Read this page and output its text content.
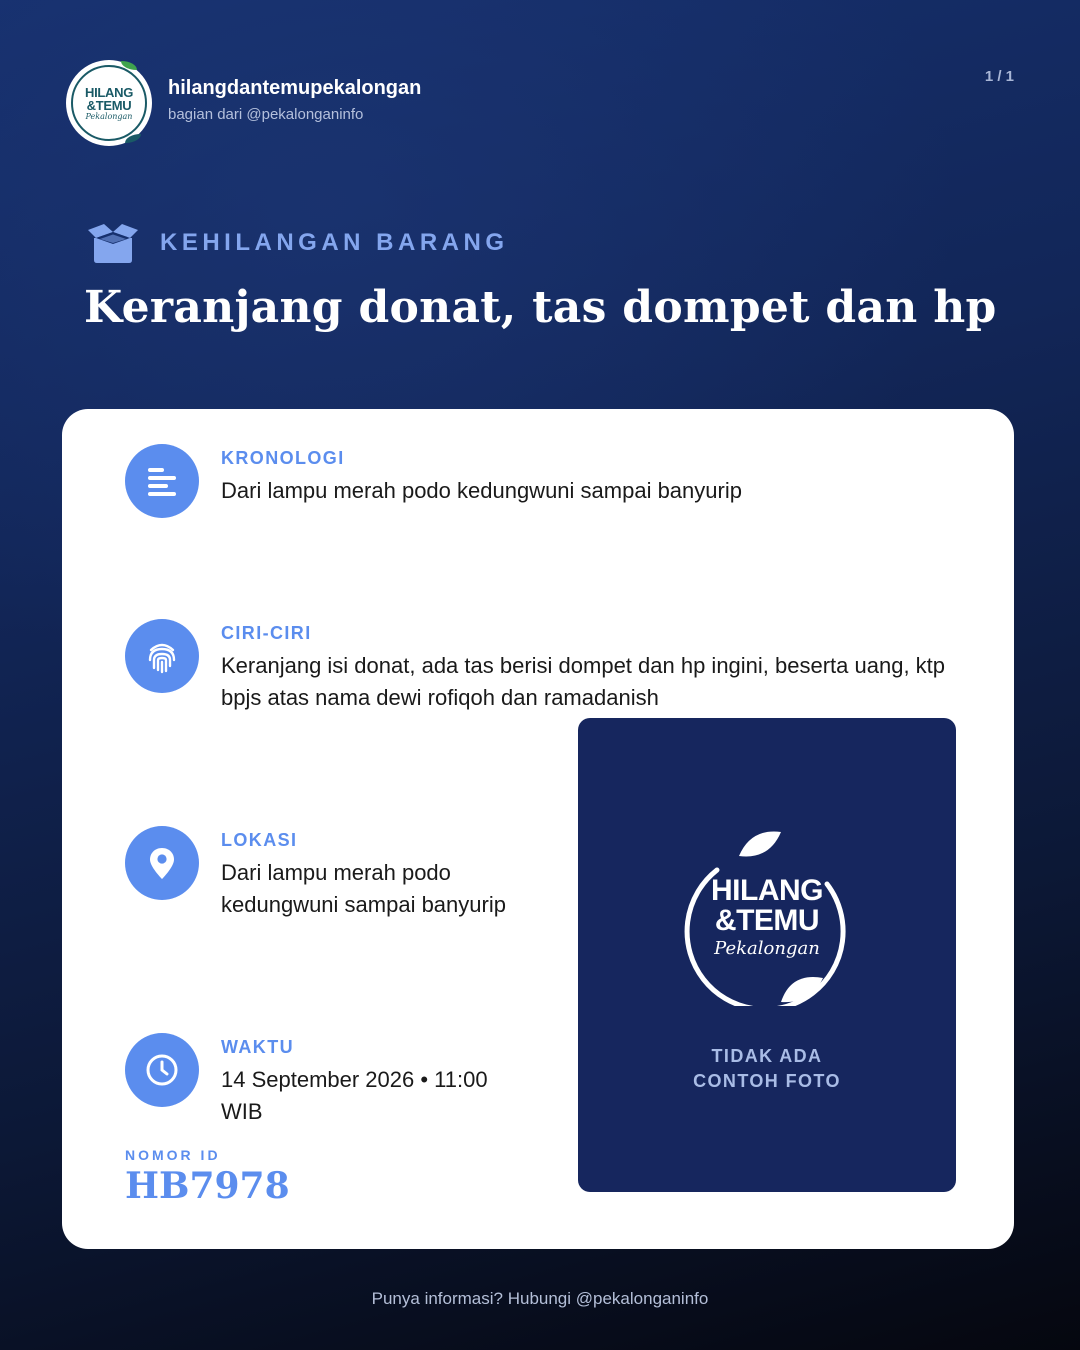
HILANG
&TEMU
Pekalongan
hilangdantemupekalongan
bagian dari @pekalonganinfo
1 / 1
KEHILANGAN BARANG
Keranjang donat, tas dompet dan hp
KRONOLOGI
Dari lampu merah podo kedungwuni sampai banyurip
CIRI-CIRI
Keranjang isi donat, ada tas berisi dompet dan hp ingini, beserta uang, ktp bpjs atas nama dewi rofiqoh dan ramadanish
LOKASI
Dari lampu merah podo kedungwuni sampai banyurip
WAKTU
14 September 2026 • 11:00 WIB
NOMOR ID
HB7978
HILANG
&TEMU
Pekalongan
TIDAK ADA CONTOH FOTO
Punya informasi? Hubungi @pekalonganinfo
